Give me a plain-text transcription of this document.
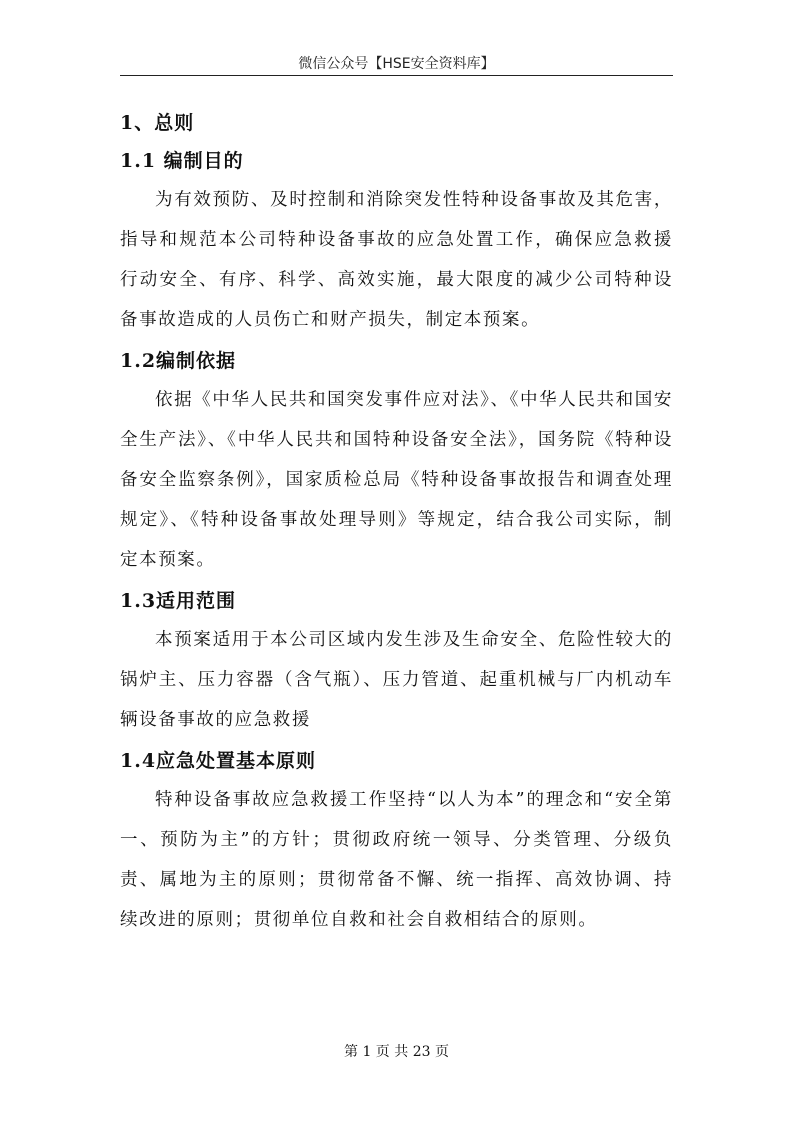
微信公众号【HSE安全资料库】
1、总则
1.1 编制目的

为有效预防、及时控制和消除突发性特种设备事故及其危害，指导和规范本公司特种设备事故的应急处置工作，确保应急救援行动安全、有序、科学、高效实施，最大限度的减少公司特种设备事故造成的人员伤亡和财产损失，制定本预案。

1.2编制依据

依据《中华人民共和国突发事件应对法》、《中华人民共和国安全生产法》、《中华人民共和国特种设备安全法》，国务院《特种设备安全监察条例》，国家质检总局《特种设备事故报告和调查处理规定》、《特种设备事故处理导则》等规定，结合我公司实际，制定本预案。

1.3适用范围

本预案适用于本公司区域内发生涉及生命安全、危险性较大的锅炉主、压力容器（含气瓶）、压力管道、起重机械与厂内机动车辆设备事故的应急救援

1.4应急处置基本原则

特种设备事故应急救援工作坚持“以人为本”的理念和“安全第一、预防为主”的方针；贯彻政府统一领导、分类管理、分级负责、属地为主的原则；贯彻常备不懈、统一指挥、高效协调、持续改进的原则；贯彻单位自救和社会自救相结合的原则。

第 1 页 共 23 页
